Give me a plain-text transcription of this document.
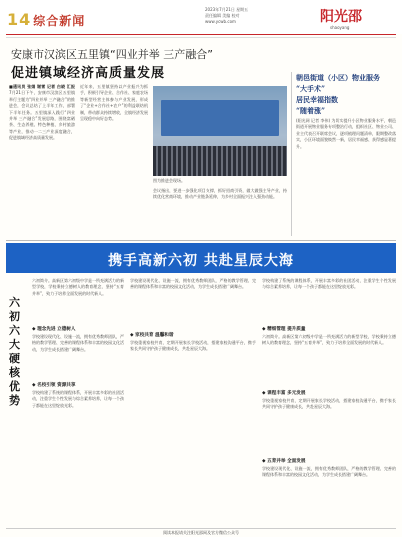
14 综合新闻
2023年7月21日 星期五
责任编辑 美编 校对
www.ycwb.com	阳光邵
shaoyang
安康市汉滨区五里镇“四业并举 三产融合”
促进镇域经济高质量发展
■通讯员 张娟 谢雪 记者 白晓 汇报 7月21日下午，安康市汉滨区五里镇举行主题为“四业并举 三产融合”的推进会，会议总结了上半年工作，部署下半年任务。五里镇深入践行“四业并举 三产融合”发展思路，围绕富硒茶、生态养殖、特色种植、乡村旅游等产业，推动一二三产业深度融合，促进镇域经济高质量发展。
近年来，五里镇坚持以产业振兴为抓手，积极引导企业、合作社、家庭农场等新型经营主体参与产业发展，形成了“企业+合作社+农户”的利益联结机制，带动群众持续增收，全镇经济发展呈现稳中向好态势。
图为推进会现场。
会议指出，要进一步强化项目支撑，抓好招商引资，做大做强主导产业，持续优化营商环境，推动产业链条延伸，为乡村全面振兴注入强劲动能。
朝邑街道（小区）物业服务
“大手术”
居民幸福指数
“随着涨”
(阳光网 记者 李伟) 为切实提升小区物业服务水平，朝邑街道开展物业服务专项整治行动，组织社区、物业公司、业主代表召开联席会议，逐项梳理问题清单，限期整改落实，小区环境面貌焕然一新，居民幸福感、获得感显著提升。
携手高新六初 共赴星辰大海
六初简介。高新区第六初级中学是一所充满活力的新型学校，学校秉持立德树人的教育理念，坚持“五育并举”，致力于培养全面发展的时代新人。
六初六大硬核优势
◆ 理念先进 立德树人
学校建设现代化、设施一流，拥有优秀教师团队，严格的教学管理、完善的课程体系和丰富的校园文化活动，为学生成长搭建广阔舞台。
◆ 名校引领 资源共享
学校构建了系统的课程体系，开展丰富多彩的社团活动，注重学生个性发展与综合素养培养，让每一个孩子都能在这里绽放光彩。
学校建设现代化、设施一流，拥有优秀教师团队，严格的教学管理、完善的课程体系和丰富的校园文化活动，为学生成长搭建广阔舞台。
◆ 家校共育 温馨和谐
学校重视家校共育，定期开展家长学校活动，搭建家校沟通平台，携手家长共同守护孩子健康成长，共赴星辰大海。
学校构建了系统的课程体系，开展丰富多彩的社团活动，注重学生个性发展与综合素养培养，让每一个孩子都能在这里绽放光彩。
◆ 精细管理 提升质量
六初简介。高新区第六初级中学是一所充满活力的新型学校，学校秉持立德树人的教育理念，坚持“五育并举”，致力于培养全面发展的时代新人。
◆ 课程丰富 多元发展
学校重视家校共育，定期开展家长学校活动，搭建家校沟通平台，携手家长共同守护孩子健康成长，共赴星辰大海。
◆ 五育并举 全面发展
学校建设现代化、设施一流，拥有优秀教师团队，严格的教学管理、完善的课程体系和丰富的校园文化活动，为学生成长搭建广阔舞台。
阅读本报请关注阳光邵网及官方微信公众号
